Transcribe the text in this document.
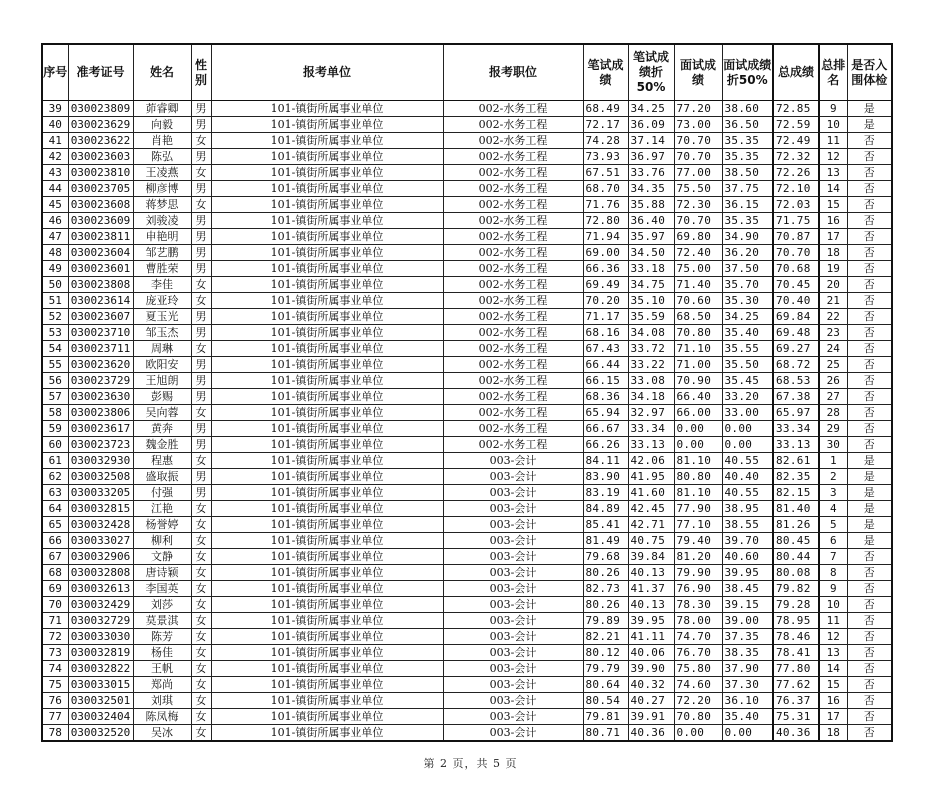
序号	准考证号	姓名	性别	报考单位	报考职位	笔试成绩	笔试成绩折50%	面试成绩	面试成绩折50%	总成绩	总排名	是否入围体检
39	030023809	茆睿卿	男	101-镇街所属事业单位	002-水务工程	68.49	34.25	77.20	38.60	72.85	9	是
40	030023629	向毅	男	101-镇街所属事业单位	002-水务工程	72.17	36.09	73.00	36.50	72.59	10	是
41	030023622	肖艳	女	101-镇街所属事业单位	002-水务工程	74.28	37.14	70.70	35.35	72.49	11	否
42	030023603	陈弘	男	101-镇街所属事业单位	002-水务工程	73.93	36.97	70.70	35.35	72.32	12	否
43	030023810	王凌燕	女	101-镇街所属事业单位	002-水务工程	67.51	33.76	77.00	38.50	72.26	13	否
44	030023705	柳彦博	男	101-镇街所属事业单位	002-水务工程	68.70	34.35	75.50	37.75	72.10	14	否
45	030023608	蒋梦思	女	101-镇街所属事业单位	002-水务工程	71.76	35.88	72.30	36.15	72.03	15	否
46	030023609	刘骏凌	男	101-镇街所属事业单位	002-水务工程	72.80	36.40	70.70	35.35	71.75	16	否
47	030023811	申艳明	男	101-镇街所属事业单位	002-水务工程	71.94	35.97	69.80	34.90	70.87	17	否
48	030023604	邹艺鹏	男	101-镇街所属事业单位	002-水务工程	69.00	34.50	72.40	36.20	70.70	18	否
49	030023601	曹胜荣	男	101-镇街所属事业单位	002-水务工程	66.36	33.18	75.00	37.50	70.68	19	否
50	030023808	李佳	女	101-镇街所属事业单位	002-水务工程	69.49	34.75	71.40	35.70	70.45	20	否
51	030023614	庞亚玲	女	101-镇街所属事业单位	002-水务工程	70.20	35.10	70.60	35.30	70.40	21	否
52	030023607	夏玉光	男	101-镇街所属事业单位	002-水务工程	71.17	35.59	68.50	34.25	69.84	22	否
53	030023710	邹玉杰	男	101-镇街所属事业单位	002-水务工程	68.16	34.08	70.80	35.40	69.48	23	否
54	030023711	周琳	女	101-镇街所属事业单位	002-水务工程	67.43	33.72	71.10	35.55	69.27	24	否
55	030023620	欧阳安	男	101-镇街所属事业单位	002-水务工程	66.44	33.22	71.00	35.50	68.72	25	否
56	030023729	王旭朗	男	101-镇街所属事业单位	002-水务工程	66.15	33.08	70.90	35.45	68.53	26	否
57	030023630	彭赐	男	101-镇街所属事业单位	002-水务工程	68.36	34.18	66.40	33.20	67.38	27	否
58	030023806	吴向蓉	女	101-镇街所属事业单位	002-水务工程	65.94	32.97	66.00	33.00	65.97	28	否
59	030023617	黄奔	男	101-镇街所属事业单位	002-水务工程	66.67	33.34	0.00	0.00	33.34	29	否
60	030023723	魏金胜	男	101-镇街所属事业单位	002-水务工程	66.26	33.13	0.00	0.00	33.13	30	否
61	030032930	程惠	女	101-镇街所属事业单位	003-会计	84.11	42.06	81.10	40.55	82.61	1	是
62	030032508	盛取振	男	101-镇街所属事业单位	003-会计	83.90	41.95	80.80	40.40	82.35	2	是
63	030033205	付强	男	101-镇街所属事业单位	003-会计	83.19	41.60	81.10	40.55	82.15	3	是
64	030032815	江艳	女	101-镇街所属事业单位	003-会计	84.89	42.45	77.90	38.95	81.40	4	是
65	030032428	杨誉婷	女	101-镇街所属事业单位	003-会计	85.41	42.71	77.10	38.55	81.26	5	是
66	030033027	柳利	女	101-镇街所属事业单位	003-会计	81.49	40.75	79.40	39.70	80.45	6	是
67	030032906	文静	女	101-镇街所属事业单位	003-会计	79.68	39.84	81.20	40.60	80.44	7	否
68	030032808	唐诗颖	女	101-镇街所属事业单位	003-会计	80.26	40.13	79.90	39.95	80.08	8	否
69	030032613	李国英	女	101-镇街所属事业单位	003-会计	82.73	41.37	76.90	38.45	79.82	9	否
70	030032429	刘莎	女	101-镇街所属事业单位	003-会计	80.26	40.13	78.30	39.15	79.28	10	否
71	030032729	莫景淇	女	101-镇街所属事业单位	003-会计	79.89	39.95	78.00	39.00	78.95	11	否
72	030033030	陈芳	女	101-镇街所属事业单位	003-会计	82.21	41.11	74.70	37.35	78.46	12	否
73	030032819	杨佳	女	101-镇街所属事业单位	003-会计	80.12	40.06	76.70	38.35	78.41	13	否
74	030032822	王帆	女	101-镇街所属事业单位	003-会计	79.79	39.90	75.80	37.90	77.80	14	否
75	030033015	郑尚	女	101-镇街所属事业单位	003-会计	80.64	40.32	74.60	37.30	77.62	15	否
76	030032501	刘琪	女	101-镇街所属事业单位	003-会计	80.54	40.27	72.20	36.10	76.37	16	否
77	030032404	陈凤梅	女	101-镇街所属事业单位	003-会计	79.81	39.91	70.80	35.40	75.31	17	否
78	030032520	吴冰	女	101-镇街所属事业单位	003-会计	80.71	40.36	0.00	0.00	40.36	18	否
第 2 页，共 5 页
